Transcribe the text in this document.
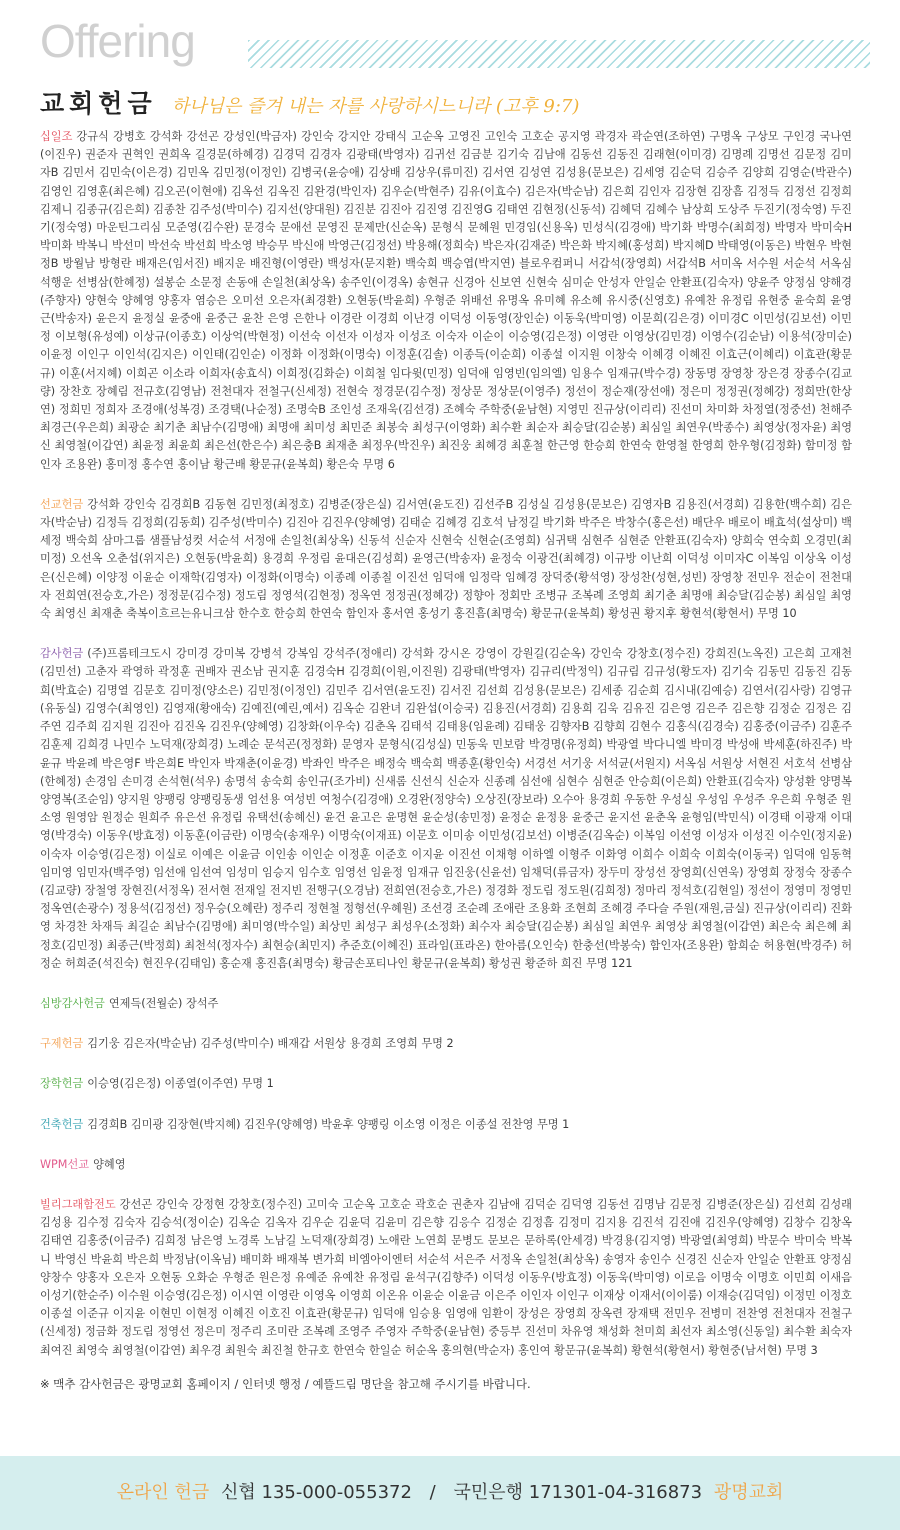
Offering
교회헌금 하나님은 즐겨 내는 자를 사랑하시느니라 (고후 9:7)
십일조 강규식 강병호 강석화 강선곤 강성인(박금자) 강인숙 강지안 강태식 고순옥 고영진 고인숙 고호순 공지영 곽경자 곽순연(조하연) 구명옥 구상모 구인경 국나연(이진우) 권준자 권혁인 권희옥 길경문(하혜경) 김경덕 김경자 김광태(박영자) 김귀선 김금분 김기숙 김남애 김동선 김동진 김래현(이미경) 김명례 김명선 김문정 김미자B 김민서 김민숙(이은경) 김민옥 김민정(이정인) 김병국(윤승애) 김상배 김상우(류미진) 김서연 김성연 김성용(문보은) 김세영 김순덕 김승주 김양희 김영순(박관수) 김영인 김영훈(최은혜) 김오곤(이현애) 김옥선 김옥진 김완경(박인자) 김우순(박현주) 김유(이효수) 김은자(박순남) 김은희 김인자 김장현 김장흠 김정득 김정선 김정희 김제니 김종규(김은희) 김종찬 김주성(박미수) 김지선(양대원) 김진분 김진아 김진영 김진영G 김태연 김현정(신동석) 김혜덕 김혜수 남상희 도상주 두진기(정숙영) 두진기(정숙영) 마운틴그리심 모준영(김수완) 문경숙 문애선 문영진 문제만(신순옥) 문형식 문혜원 민경임(신용옥) 민성식(김경애) 박기화 박명수(최희정) 박명자 박미숙H 박미화 박복니 박선미 박선숙 박선희 박소영 박승무 박신애 박영근(김정선) 박용해(정희숙) 박은자(김재준) 박은화 박지혜(홍성희) 박지혜D 박태영(이동은) 박현우 박현정B 방월남 방형란 배재은(임서진) 배지운 배진형(이영란) 백성자(문지환) 백숙희 백승엽(박지연) 블로우컴퍼니 서갑석(장영희) 서갑석B 서미옥 서수원 서순석 서옥심 석행운 선병삼(한혜정) 설봉순 소문정 손동애 손일천(최상옥) 송주인(이경옥) 송현규 신경아 신보연 신현숙 심미순 안성자 안일순 안환표(김숙자) 양윤주 양정심 양해경(주향자) 양현숙 양혜영 양홍자 염승은 오미선 오은자(최경환) 오현동(박윤희) 우형준 위배선 유명옥 유미혜 유소혜 유시중(신영호) 유예찬 유정림 유현중 윤숙희 윤영근(박송자) 윤은지 윤정실 윤중애 윤중근 윤찬 은영 은한나 이경란 이경희 이난경 이덕성 이동영(장인순) 이동욱(박미영) 이문희(김은경) 이미경C 이민성(김보선) 이민정 이보형(유성예) 이상규(이종호) 이상억(박현정) 이선숙 이선자 이성자 이성조 이숙자 이순이 이승영(김은정) 이영란 이영상(김민경) 이영수(김순남) 이용석(장미순) 이윤정 이인구 이인석(김지은) 이인태(김인순) 이정화 이정화(이명숙) 이정훈(김솔) 이종득(이순희) 이종설 이지원 이창숙 이혜경 이혜진 이효근(이혜리) 이효관(황문규) 이훈(서지혜) 이희곤 이소라 이희자(송효식) 이희정(김화순) 이희철 임다윗(민정) 임덕애 임영빈(임의엘) 임용수 임재규(박수경) 장동명 장영창 장은경 장종수(김교량) 장찬호 장혜림 전규호(김영남) 전천대자 전철구(신세정) 전현숙 정경문(김수정) 정상문 정상문(이영주) 정선이 정순재(장선애) 정은미 정정권(정혜강) 정희만(한상연) 정희민 정희자 조경애(성복경) 조경택(나순정) 조명숙B 조인성 조재욱(김선경) 조혜숙 주학중(윤남현) 지영민 진규상(이리리) 진선미 차미화 차정열(정중선) 천해주 최경근(우은희) 최광순 최기춘 최남수(김명애) 최명애 최미성 최민준 최봉숙 최성구(이영화) 최수환 최순자 최승달(김순봉) 최심일 최연우(박종수) 최영상(정자윤) 최영신 최영철(이갑연) 최윤정 최윤희 최은선(한은수) 최은충B 최재춘 최정우(박진우) 최진웅 최혜경 최훈철 한근영 한승희 한연숙 한영철 한영희 한우형(김정화) 함미정 함인자 조용완) 홍미정 홍수연 홍이남 황근배 황문규(윤복희) 황은숙 무명 6
선교헌금 강석화 강인숙 김경희B 김동현 김민정(최정호) 김병준(장은실) 김서연(윤도진) 김선주B 김성실 김성용(문보은) 김영자B 김용진(서경희) 김용한(백수희) 김은자(박순남) 김정득 김정희(김동희) 김주성(박미수) 김진아 김진우(양혜영) 김태순 김혜경 김호석 남정길 박기화 박주은 박창수(홍은선) 배단우 배로이 배효석(설상미) 백세정 백숙희 삼마그룹 샘플남성컷 서순석 서정애 손일천(최상옥) 신동석 신순자 신현숙 신현순(조영희) 심귀택 심현주 심현준 안환표(김숙자) 양희숙 연숙희 오경민(최미정) 오선옥 오춘섭(위지은) 오현동(박윤희) 용경희 우정림 윤대은(김성희) 윤영근(박송자) 윤정숙 이광건(최혜경) 이규방 이난희 이덕성 이미자C 이복임 이상옥 이성은(신은혜) 이양정 이윤순 이재학(김영자) 이정화(이명숙) 이종례 이종칠 이진선 임덕애 임정락 임혜경 장덕중(황석영) 장성찬(성현,성빈) 장영창 전민우 전순이 전천대자 전희연(전승호,가은) 정정문(김수정) 정도림 정영석(김현정) 정옥연 정정권(정혜강) 정향아 정회만 조병규 조복례 조영희 최기춘 최명애 최승달(김순봉) 최심일 최영숙 최영신 최재춘 축복이흐르는유니크삼 한수호 한승희 한연숙 함인자 홍서연 홍성기 홍진흠(최명숙) 황문규(윤복희) 황성권 황지후 황현석(황현서) 무명 10
감사헌금 (주)프롬테크도시 강미경 강미복 강병석 강복임 강석주(정애리) 강석화 강시온 강영이 강원길(김순옥) 강인숙 강창호(정수진) 강희진(노옥진) 고은희 고재천(김민선) 고춘자 곽영하 곽정훈 권배자 권소남 권지훈 김경숙H 김경희(이원,이진원) 김광태(박영자) 김규리(박정익) 김규림 김규성(황도자) 김기숙 김동민 김동진 김동희(박효순) 김명열 김문호 김미정(양소은) 김민정(이정인) 김민주 김서연(윤도진) 김서진 김선희 김성용(문보은) 김세종 김순희 김시내(김예승) 김연서(김사랑) 김영규(유동실) 김영수(최영인) 김영재(황애숙) 김예진(예린,예서) 김옥순 김완녀 김완섭(이승국) 김용진(서경희) 김용희 김욱 김유진 김은영 김은주 김은향 김정순 김정은 김주연 김주희 김지원 김진아 김진옥 김진우(양혜영) 김창화(이우숙) 김춘옥 김태석 김태용(임윤례) 김태웅 김향자B 김향희 김현수 김홍식(김경숙) 김홍중(이금주) 김훈주 김훈제 김희경 나민수 노덕재(장희경) 노례순 문석곤(정정화) 문영자 문형식(김성실) 민동욱 민보람 박경명(유정희) 박광열 박다니엘 박미경 박성애 박세훈(하진주) 박윤규 박윤례 박은영F 박은희E 박인자 박재춘(이윤경) 박좌인 박주은 배정숙 백숙희 백종훈(황인숙) 서경선 서기웅 서석균(서원지) 서옥심 서원상 서현진 서호석 선병삼(한혜정) 손경임 손미경 손석현(석우) 송명석 송숙희 송인규(조가비) 신새롬 신선식 신순자 신종례 심선애 심현수 심현준 안승희(이은희) 안환표(김숙자) 양성환 양명복 양영복(조순임) 양지원 양팽링 양팽링동생 엄선용 여성빈 여청수(김경애) 오경완(정양숙) 오상진(장보라) 오수아 용경희 우동한 우성실 우성임 우성주 우은희 우형준 원소영 원영암 원정순 원희주 유은선 유정림 유택선(송혜신) 윤건 윤고은 윤명현 윤순성(송민정) 윤정순 윤정용 윤중근 윤지선 윤춘옥 윤형임(박민식) 이경태 이광재 이대영(박경숙) 이동우(방효정) 이동훈(이금란) 이명숙(송재우) 이명숙(이재표) 이문호 이미송 이민성(김보선) 이병준(김옥순) 이복임 이선영 이성자 이성진 이수인(정지윤) 이숙자 이승영(김은정) 이실로 이예은 이윤금 이인송 이인순 이정훈 이준호 이지윤 이진선 이채형 이하엘 이형주 이화영 이희수 이희숙 이희숙(이동국) 임덕애 임동혁 임미영 임민자(백주영) 임선애 임선여 임성미 임승지 임수호 임영선 임윤정 임재규 임진웅(신윤선) 임채덕(류금자) 장두미 장성선 장영희(신연욱) 장영희 장정숙 장종수(김교량) 장철영 장현진(서정옥) 전서현 전재일 전지빈 전행구(오경남) 전희연(전승호,가은) 정경화 정도림 정도원(김희정) 정마리 정석호(김현일) 정선이 정영미 정영민 정옥연(손광수) 정용석(김정선) 정우승(오혜란) 정주리 정현철 정형선(우혜원) 조선경 조순례 조애란 조용화 조현희 조혜경 주다슬 주원(재원,금실) 진규상(이리리) 진화영 차경찬 차재득 최길순 최남수(김명애) 최미영(박수일) 최상민 최성구 최성우(소정화) 최수자 최승달(김순봉) 최심일 최연우 최영상 최영철(이갑연) 최은숙 최은혜 최정호(김민정) 최종근(박정희) 최천석(정자수) 최현승(최민지) 추준호(이혜진) 표라임(표라온) 한아름(오인숙) 한충선(박봉숙) 함인자(조용완) 함희순 허용현(박경주) 허정순 허희준(석진숙) 현진우(김태임) 홍순재 홍진흠(최명숙) 황금손포티나인 황문규(윤복희) 황성권 황준하 희진 무명 121
심방감사헌금 연제득(전월순) 장석주
구제헌금 김기웅 김은자(박순남) 김주성(박미수) 배재갑 서원상 용경희 조영희 무명 2
장학헌금 이승영(김은정) 이종열(이주연) 무명 1
건축헌금 김경희B 김미광 김장현(박지혜) 김진우(양혜영) 박윤후 양팽링 이소영 이정은 이종설 전찬영 무명 1
WPM선교 양혜영
빌리그래함전도 강선곤 강인숙 강정현 강창호(정수진) 고미숙 고순옥 고호순 곽호순 권춘자 김남애 김덕순 김덕영 김동선 김명남 김문정 김병준(장은실) 김선희 김성래 김성용 김수정 김숙자 김승석(정이순) 김옥순 김옥자 김우순 김윤덕 김윤미 김은향 김응수 김정순 김정흠 김정미 김지용 김진석 김진애 김진우(양혜영) 김창수 김창옥 김태연 김홍중(이금주) 김희정 남은영 노경록 노남길 노덕재(장희경) 노애란 노연희 문병도 문보은 문하록(안세경) 박경용(김지영) 박광열(최영희) 박문수 박미숙 박복니 박영신 박윤희 박은희 박정남(이옥님) 배미화 배재복 변가희 비엠아이엔터 서순석 서은주 서정옥 손일천(최상옥) 송영자 송인수 신경진 신순자 안일순 안환표 양정심 양창수 양홍자 오은자 오현동 오화순 우형준 원은정 유예준 유예찬 유정림 윤석구(김향주) 이덕성 이동우(방효정) 이동욱(박미영) 이로음 이명숙 이명호 이민희 이새음 이성기(한순주) 이수원 이승영(김은정) 이시연 이영란 이영옥 이영희 이온유 이윤순 이윤금 이은주 이인자 이인구 이재상 이재서(이이룸) 이재승(김덕임) 이정민 이정호 이종설 이준규 이지윤 이현민 이현정 이혜진 이호진 이효관(황문규) 임덕애 임승용 임영애 임환이 장성은 장영희 장옥련 장재택 전민우 전병미 전찬영 전천대자 전철구(신세정) 정금화 정도림 정영선 정은미 정주리 조미란 조복례 조영주 주영자 주학중(윤남현) 중등부 진선미 차유영 채성화 천미희 최선자 최소영(신동일) 최수환 최숙자 최여진 최영숙 최영철(이갑연) 최우경 최원숙 최진철 한규호 한연숙 한일순 허순옥 홍의현(박순자) 홍인여 황문규(윤복희) 황현석(황현서) 황현중(남서현) 무명 3
※ 맥추 감사헌금은 광명교회 홈페이지 / 인터넷 행정 / 예뜰드림 명단을 참고해 주시기를 바랍니다.
온라인 헌금 신협 135-000-055372 / 국민은행 171301-04-316873 광명교회
